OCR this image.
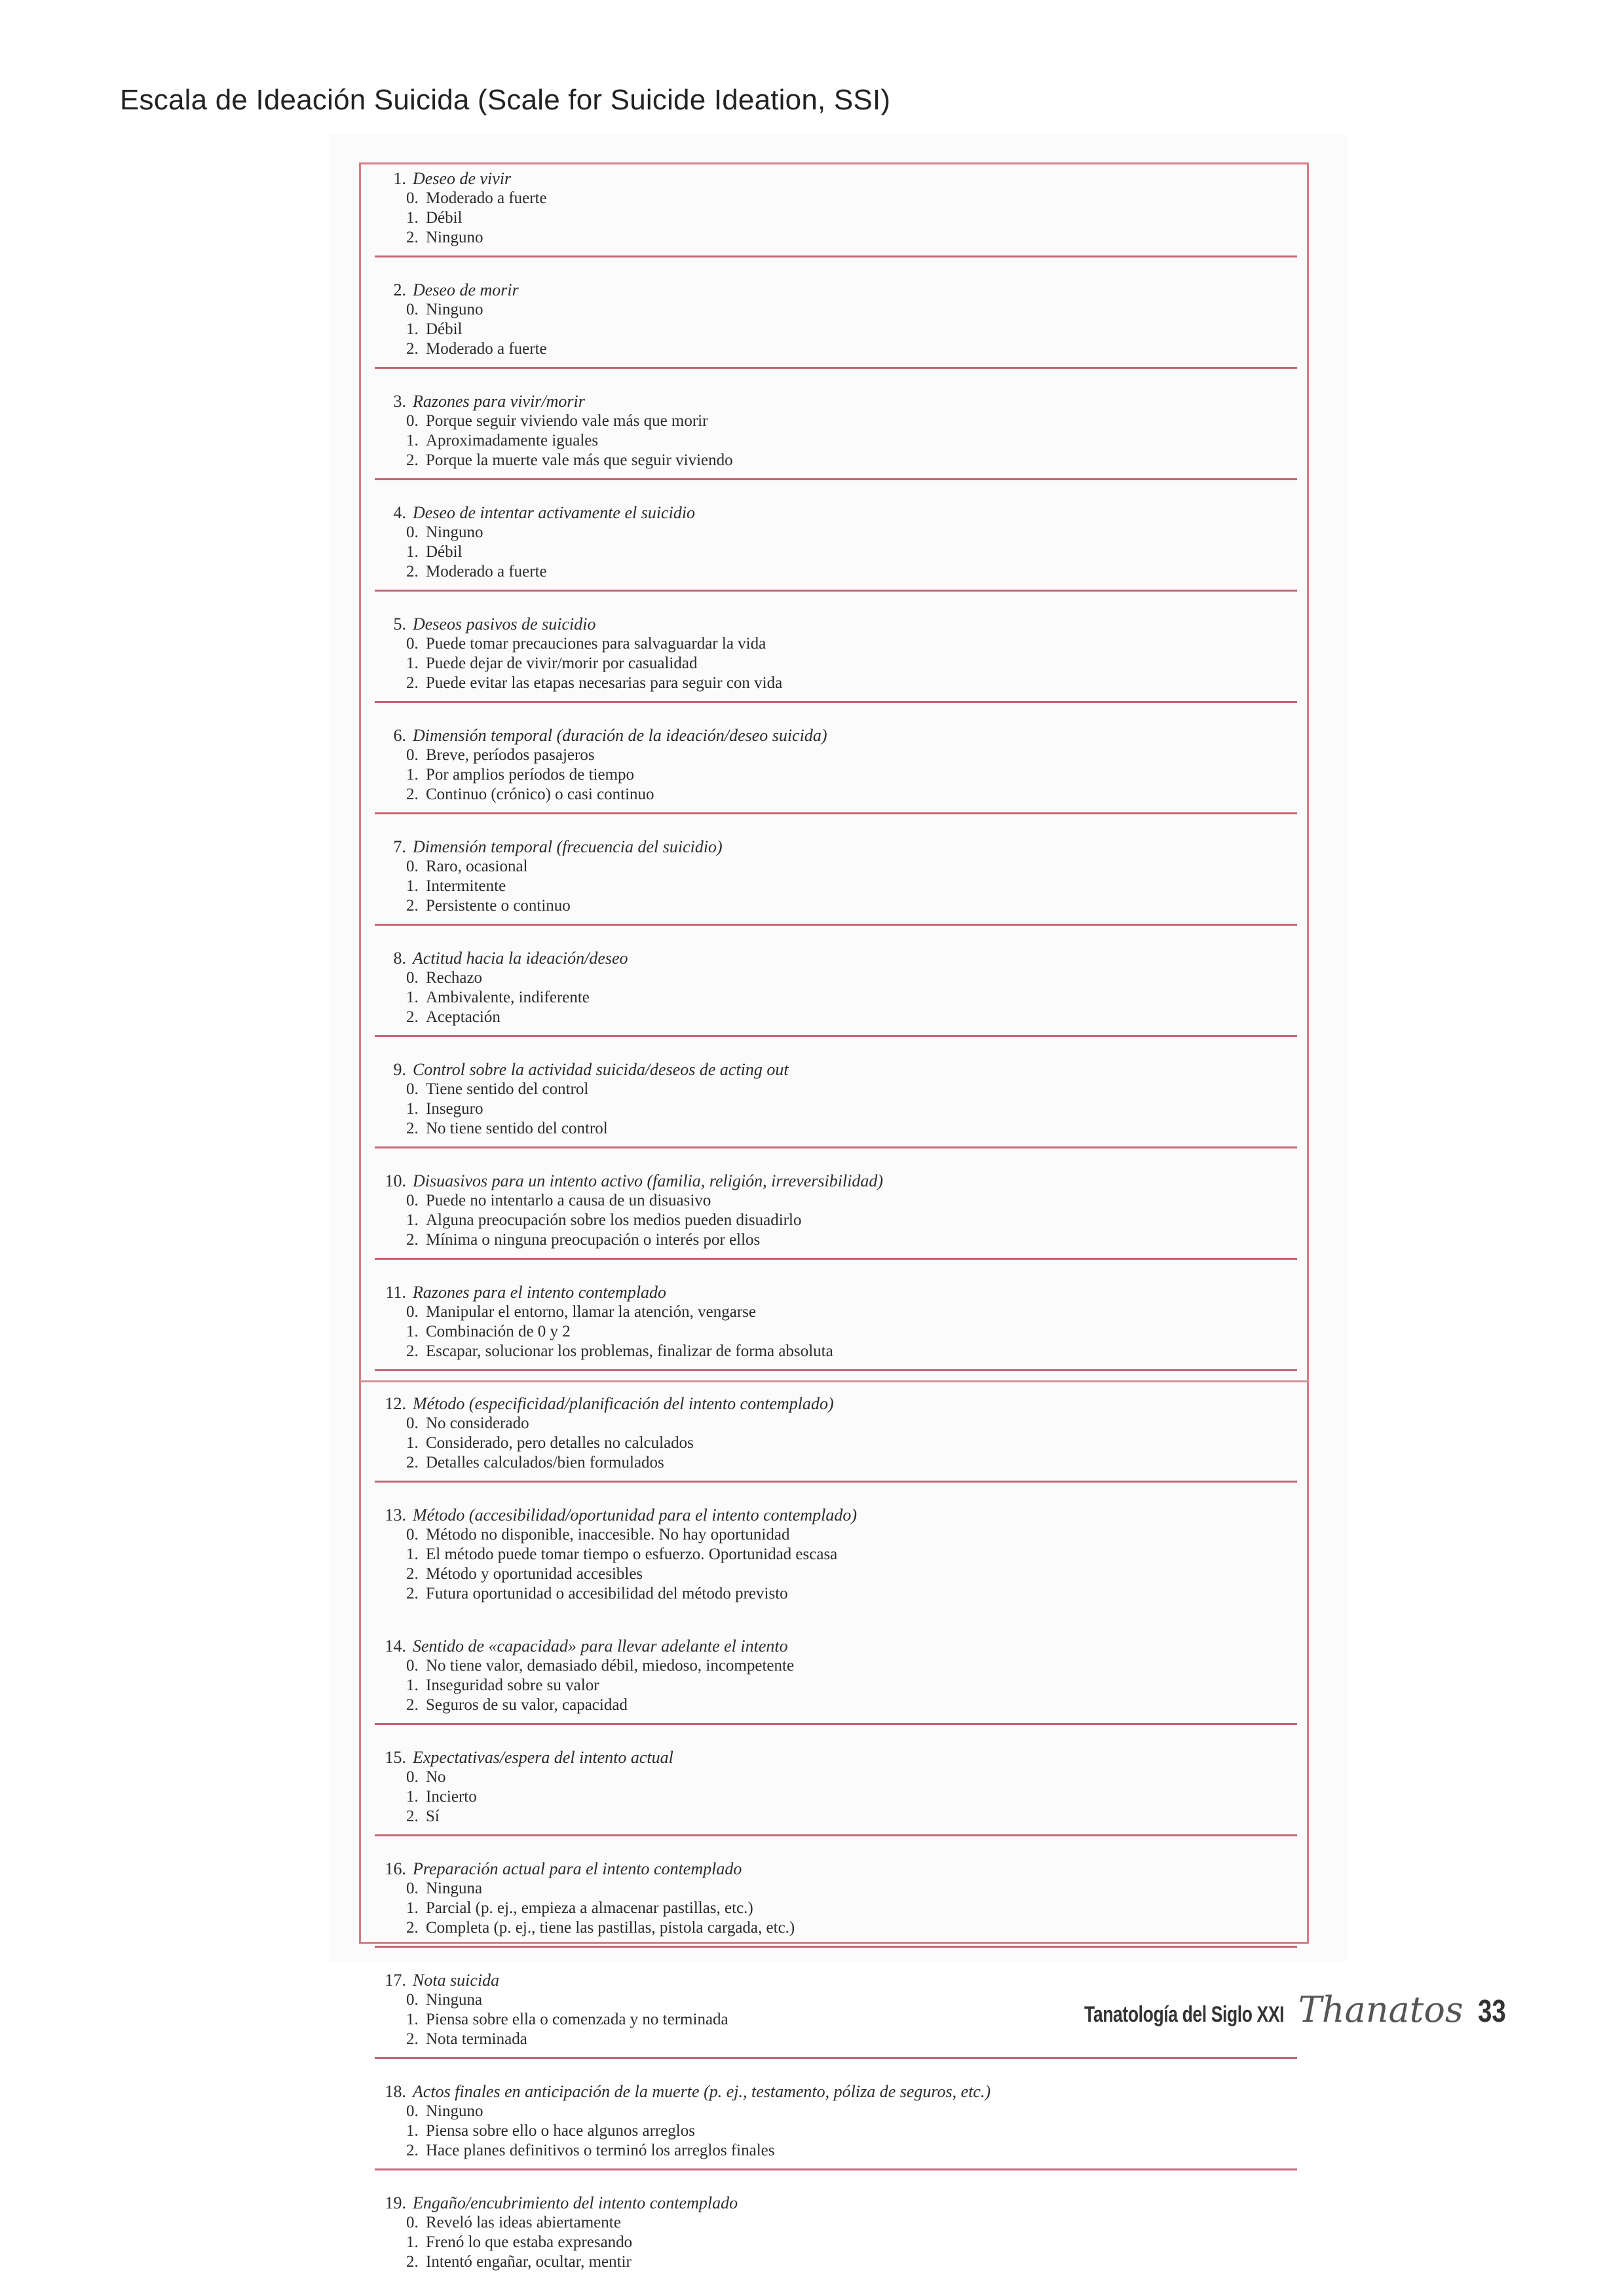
Escala de Ideación Suicida (Scale for Suicide Ideation, SSI)
1. Deseo de vivir
0. Moderado a fuerte
1. Débil
2. Ninguno
2. Deseo de morir
0. Ninguno
1. Débil
2. Moderado a fuerte
3. Razones para vivir/morir
0. Porque seguir viviendo vale más que morir
1. Aproximadamente iguales
2. Porque la muerte vale más que seguir viviendo
4. Deseo de intentar activamente el suicidio
0. Ninguno
1. Débil
2. Moderado a fuerte
5. Deseos pasivos de suicidio
0. Puede tomar precauciones para salvaguardar la vida
1. Puede dejar de vivir/morir por casualidad
2. Puede evitar las etapas necesarias para seguir con vida
6. Dimensión temporal (duración de la ideación/deseo suicida)
0. Breve, períodos pasajeros
1. Por amplios períodos de tiempo
2. Continuo (crónico) o casi continuo
7. Dimensión temporal (frecuencia del suicidio)
0. Raro, ocasional
1. Intermitente
2. Persistente o continuo
8. Actitud hacia la ideación/deseo
0. Rechazo
1. Ambivalente, indiferente
2. Aceptación
9. Control sobre la actividad suicida/deseos de acting out
0. Tiene sentido del control
1. Inseguro
2. No tiene sentido del control
10. Disuasivos para un intento activo (familia, religión, irreversibilidad)
0. Puede no intentarlo a causa de un disuasivo
1. Alguna preocupación sobre los medios pueden disuadirlo
2. Mínima o ninguna preocupación o interés por ellos
11. Razones para el intento contemplado
0. Manipular el entorno, llamar la atención, vengarse
1. Combinación de 0 y 2
2. Escapar, solucionar los problemas, finalizar de forma absoluta
12. Método (especificidad/planificación del intento contemplado)
0. No considerado
1. Considerado, pero detalles no calculados
2. Detalles calculados/bien formulados
13. Método (accesibilidad/oportunidad para el intento contemplado)
0. Método no disponible, inaccesible. No hay oportunidad
1. El método puede tomar tiempo o esfuerzo. Oportunidad escasa
2. Método y oportunidad accesibles
2. Futura oportunidad o accesibilidad del método previsto
14. Sentido de «capacidad» para llevar adelante el intento
0. No tiene valor, demasiado débil, miedoso, incompetente
1. Inseguridad sobre su valor
2. Seguros de su valor, capacidad
15. Expectativas/espera del intento actual
0. No
1. Incierto
2. Sí
16. Preparación actual para el intento contemplado
0. Ninguna
1. Parcial (p. ej., empieza a almacenar pastillas, etc.)
2. Completa (p. ej., tiene las pastillas, pistola cargada, etc.)
17. Nota suicida
0. Ninguna
1. Piensa sobre ella o comenzada y no terminada
2. Nota terminada
18. Actos finales en anticipación de la muerte (p. ej., testamento, póliza de seguros, etc.)
0. Ninguno
1. Piensa sobre ello o hace algunos arreglos
2. Hace planes definitivos o terminó los arreglos finales
19. Engaño/encubrimiento del intento contemplado
0. Reveló las ideas abiertamente
1. Frenó lo que estaba expresando
2. Intentó engañar, ocultar, mentir
Tanatología del Siglo XXI Thanatos 33
